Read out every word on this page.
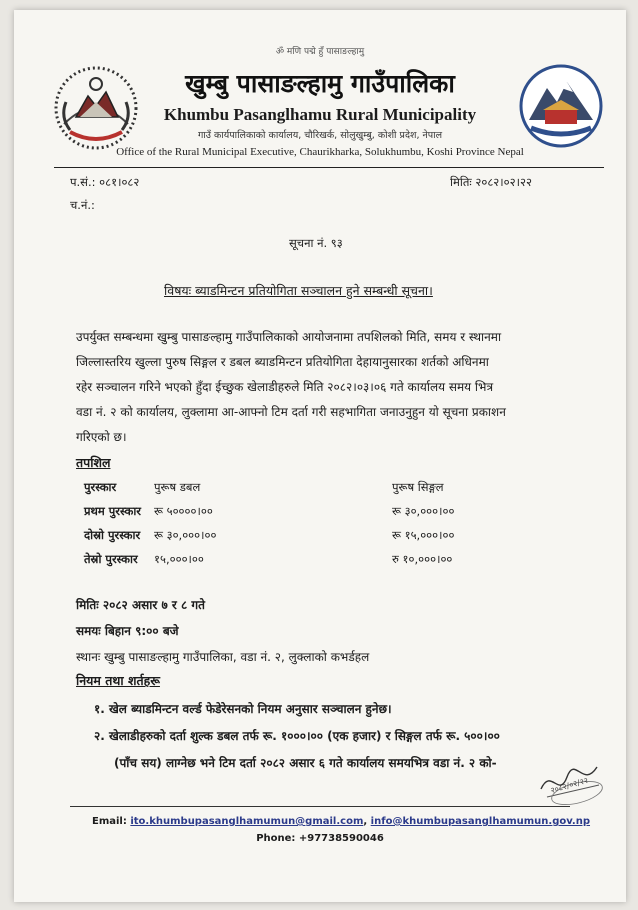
ॐ मणि पद्मे हुँ पासाङल्हामु
खुम्बु पासाङल्हामु गाउँपालिका
Khumbu Pasanglhamu Rural Municipality
गाउँ कार्यपालिकाको कार्यालय, चौरिखर्क, सोलुखुम्बु, कोशी प्रदेश, नेपाल
Office of the Rural Municipal Executive, Chaurikharka, Solukhumbu, Koshi Province Nepal
प.सं.: ०८१।०८२
च.नं.:
मितिः २०८२।०२।२२
सूचना नं. ९३
विषयः ब्याडमिन्टन प्रतियोगिता सञ्चालन हुने सम्बन्धी सूचना।
उपर्युक्त सम्बन्धमा खुम्बु पासाङल्हामु गाउँपालिकाको आयोजनामा तपशिलको मिति, समय र स्थानमा
जिल्लास्तरिय खुल्ला पुरुष सिङ्गल र डबल ब्याडमिन्टन प्रतियोगिता देहायानुसारका शर्तको अधिनमा
रहेर सञ्चालन गरिने भएको हुँदा ईच्छुक खेलाडीहरुले मिति २०८२।०३।०६ गते कार्यालय समय भित्र
वडा नं. २ को कार्यालय, लुक्लामा आ-आफ्नो टिम दर्ता गरी सहभागिता जनाउनुहुन यो सूचना प्रकाशन
गरिएको छ।
तपशिल
पुरस्कार	पुरूष डबल	पुरूष सिङ्गल
प्रथम पुरस्कार रू ५००००।००	रू ३०,०००।००
दोस्रो पुरस्कार रू ३०,०००।००	रू १५,०००।००
तेस्रो पुरस्कार १५,०००।००	रु १०,०००।००
मितिः २०८२ असार ७ र ८ गते
समयः बिहान ९:०० बजे
स्थानः खुम्बु पासाङल्हामु गाउँपालिका, वडा नं. २, लुक्लाको कभर्डहल
नियम तथा शर्तहरू
१. खेल ब्याडमिन्टन वर्ल्ड फेडेरेसनको नियम अनुसार सञ्चालन हुनेछ।
२. खेलाडीहरुको दर्ता शुल्क डबल तर्फ रू. १०००।०० (एक हजार) र सिङ्गल तर्फ रू. ५००।००
(पाँच सय) लाग्नेछ भने टिम दर्ता २०८२ असार ६ गते कार्यालय समयभित्र वडा नं. २ को-
२०८२/०२/२२
Email: ito.khumbupasanglhamumun@gmail.com, info@khumbupasanglhamumun.gov.np
Phone: +97738590046
